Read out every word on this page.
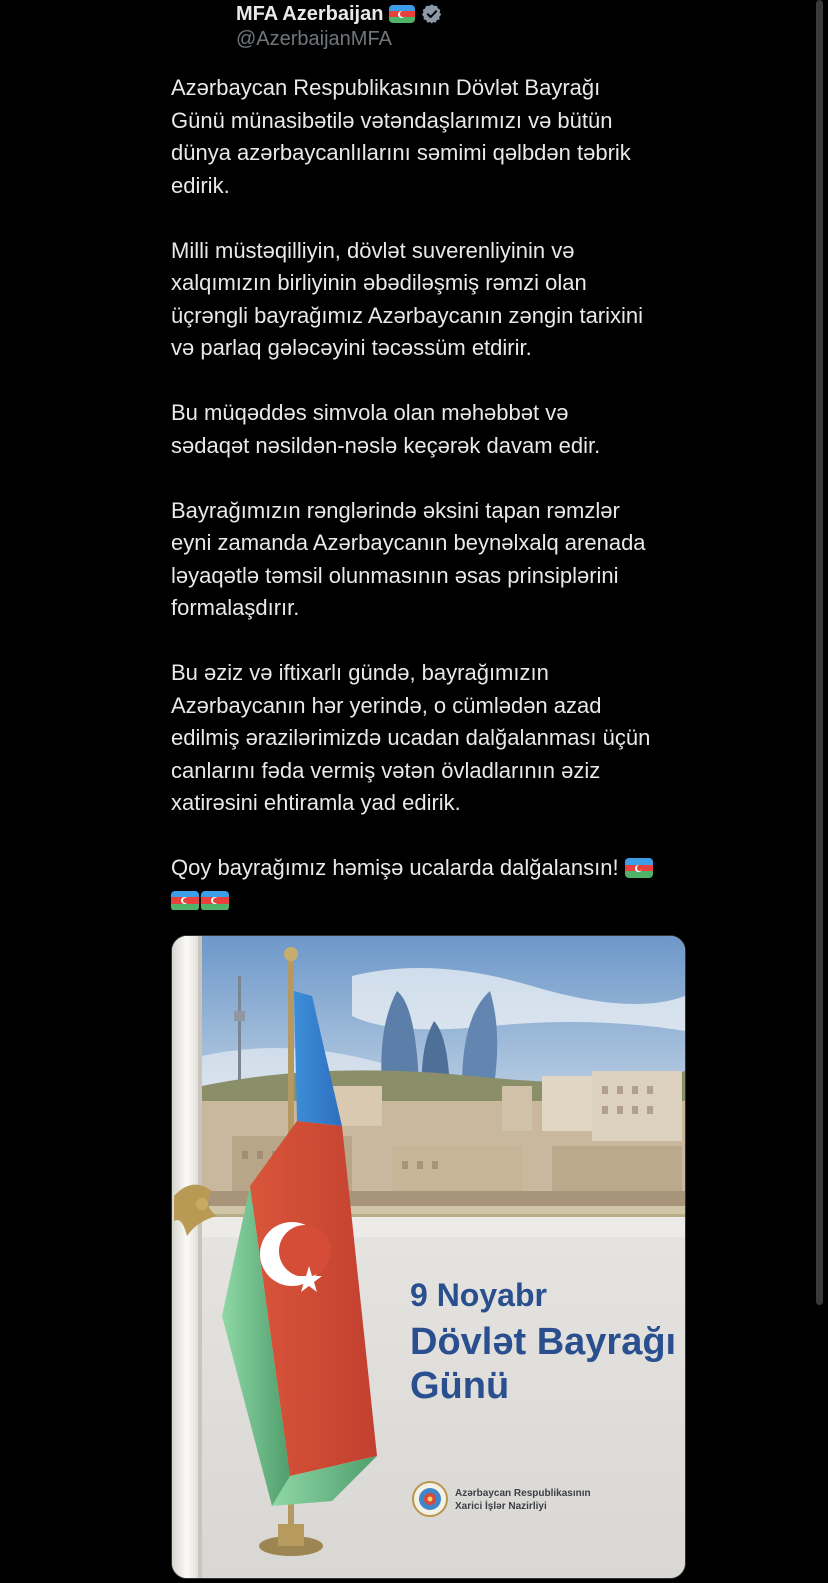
MFA Azerbaijan
@AzerbaijanMFA

Azərbaycan Respublikasının Dövlət Bayrağı
Günü münasibətilə vətəndaşlarımızı və bütün
dünya azərbaycanlılarını səmimi qəlbdən təbrik
edirik.

Milli müstəqilliyin, dövlət suverenliyinin və
xalqımızın birliyinin əbədiləşmiş rəmzi olan
üçrəngli bayrağımız Azərbaycanın zəngin tarixini
və parlaq gələcəyini təcəssüm etdirir.

Bu müqəddəs simvola olan məhəbbət və
sədaqət nəsildən-nəslə keçərək davam edir.

Bayrağımızın rənglərində əksini tapan rəmzlər
eyni zamanda Azərbaycanın beynəlxalq arenada
ləyaqətlə təmsil olunmasının əsas prinsiplərini
formalaşdırır.

Bu əziz və iftixarlı gündə, bayrağımızın
Azərbaycanın hər yerində, o cümlədən azad
edilmiş ərazilərimizdə ucadan dalğalanması üçün
canlarını fəda vermiş vətən övladlarının əziz
xatirəsini ehtiramla yad edirik.

Qoy bayrağımız həmişə ucalarda dalğalansın!

9 Noyabr
Dövlət Bayrağı
Günü
Azərbaycan Respublikasının
Xarici İşlər Nazirliyi
